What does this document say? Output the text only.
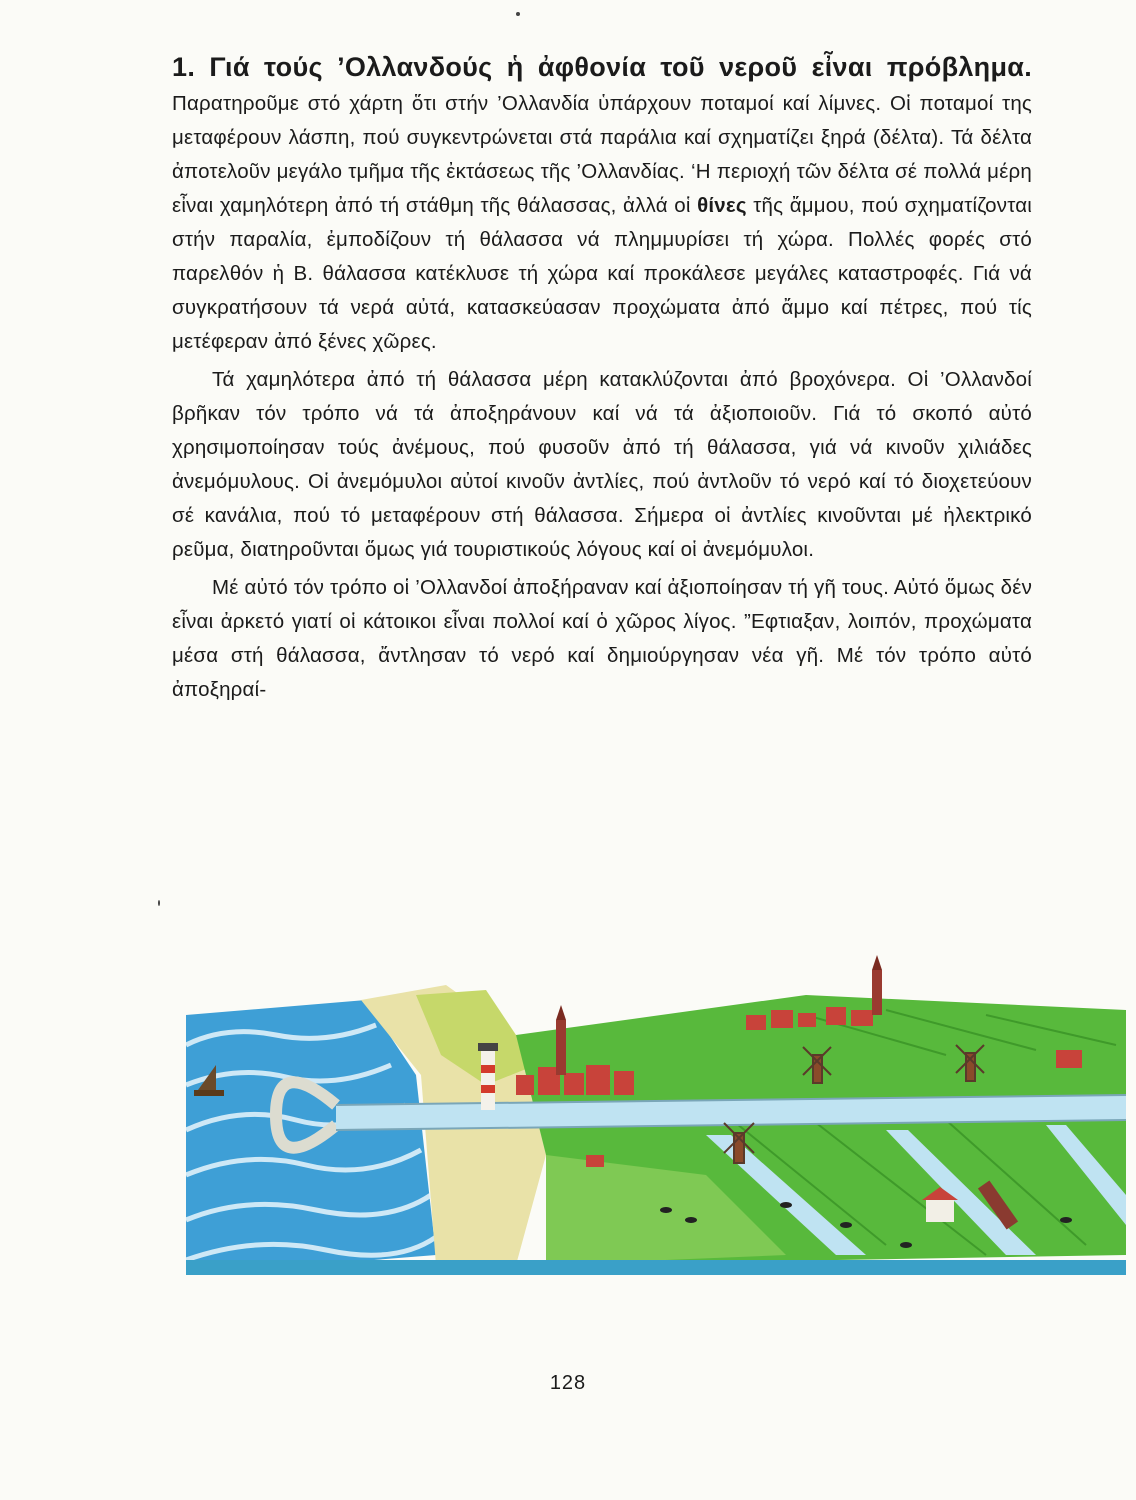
1. Γιά τούς ’Ολλανδούς ἡ ἀφθονία τοῦ νεροῦ εἶναι πρόβλημα. Παρατηροῦμε στό χάρτη ὅτι στήν ’Ολλανδία ὑπάρχουν ποταμοί καί λίμνες. Οἱ ποταμοί της μεταφέρουν λάσπη, πού συγκεντρώνεται στά παράλια καί σχηματίζει ξηρά (δέλτα). Τά δέλτα ἀποτελοῦν μεγάλο τμῆμα τῆς ἐκτάσεως τῆς ’Ολλανδίας. ‘Η περιοχή τῶν δέλτα σέ πολλά μέρη εἶναι χαμηλότερη ἀπό τή στάθμη τῆς θάλασσας, ἀλλά οἱ θίνες τῆς ἄμμου, πού σχηματίζονται στήν παραλία, ἐμποδίζουν τή θάλασσα νά πλημμυρίσει τή χώρα. Πολλές φορές στό παρελθόν ἡ Β. θάλασσα κατέκλυσε τή χώρα καί προκάλεσε μεγάλες καταστροφές. Γιά νά συγκρατήσουν τά νερά αὐτά, κατασκεύασαν προχώματα ἀπό ἄμμο καί πέτρες, πού τίς μετέφεραν ἀπό ξένες χῶρες.

Τά χαμηλότερα ἀπό τή θάλασσα μέρη κατακλύζονται ἀπό βροχόνερα. Οἱ ’Ολλανδοί βρῆκαν τόν τρόπο νά τά ἀποξηράνουν καί νά τά ἀξιοποιοῦν. Γιά τό σκοπό αὐτό χρησιμοποίησαν τούς ἀνέμους, πού φυσοῦν ἀπό τή θάλασσα, γιά νά κινοῦν χιλιάδες ἀνεμόμυλους. Οἱ ἀνεμόμυλοι αὐτοί κινοῦν ἀντλίες, πού ἀντλοῦν τό νερό καί τό διοχετεύουν σέ κανάλια, πού τό μεταφέρουν στή θάλασσα. Σήμερα οἱ ἀντλίες κινοῦνται μέ ἠλεκτρικό ρεῦμα, διατηροῦνται ὅμως γιά τουριστικούς λόγους καί οἱ ἀνεμόμυλοι.

Μέ αὐτό τόν τρόπο οἱ ’Ολλανδοί ἀποξήραναν καί ἀξιοποίησαν τή γῆ τους. Αὐτό ὅμως δέν εἶναι ἀρκετό γιατί οἱ κάτοικοι εἶναι πολλοί καί ὁ χῶρος λίγος. ”Εφτιαξαν, λοιπόν, προχώματα μέσα στή θάλασσα, ἄντλησαν τό νερό καί δημιούργησαν νέα γῆ. Μέ τόν τρόπο αὐτό ἀποξηραί-

128
